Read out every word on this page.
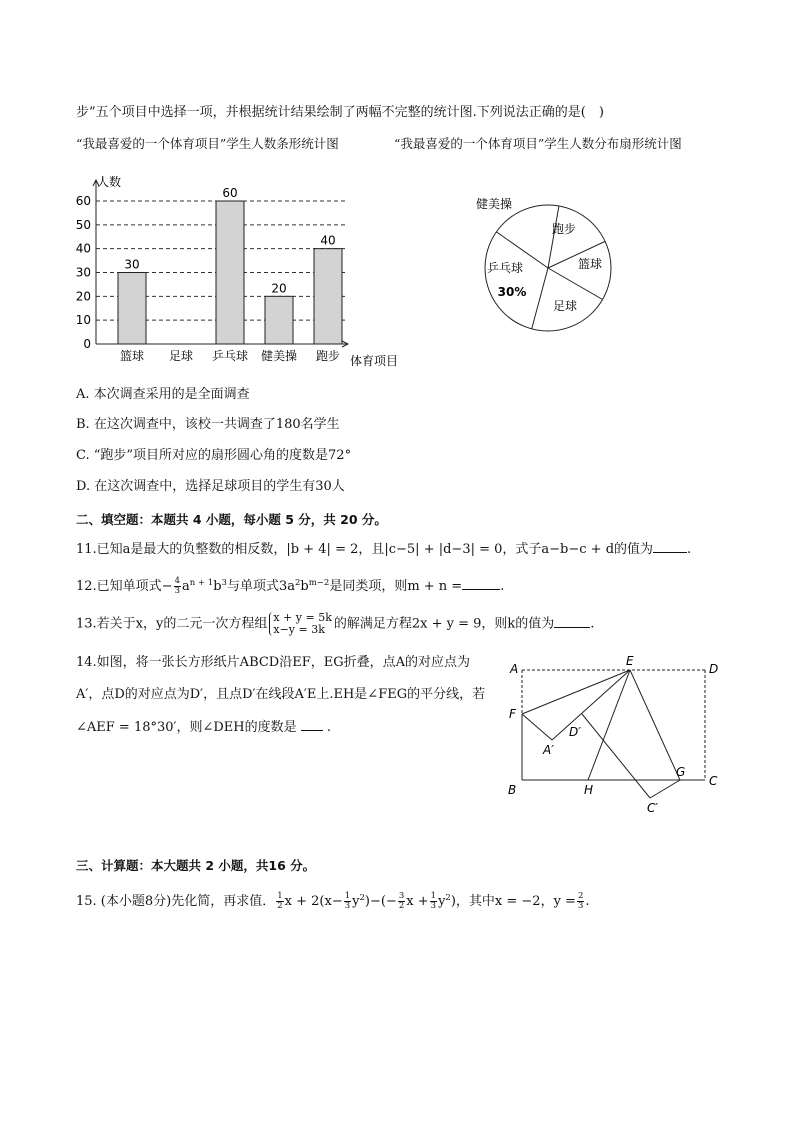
步”五个项目中选择一项，并根据统计结果绘制了两幅不完整的统计图.下列说法正确的是(　)
“我最喜爱的一个体育项目”学生人数条形统计图	“我最喜爱的一个体育项目”学生人数分布扇形统计图
0
10
20
30
40
50
60
30
60
20
40
篮球 足球 乒乓球 健美操 跑步
人数
体育项目
健美操
跑步
篮球
足球
乒乓球
30%
A. 本次调查采用的是全面调查
B. 在这次调查中，该校一共调查了180名学生
C. “跑步”项目所对应的扇形圆心角的度数是72°
D. 在这次调查中，选择足球项目的学生有30人
二、填空题：本题共 4 小题，每小题 5 分，共 20 分。
11.已知a是最大的负整数的相反数，|b + 4| = 2，且|c−5| + |d−3| = 0，式子a−b−c + d的值为	.
12.已知单项式− $\frac{4}{3} a^{n + 1}b^3$与单项式$3a^2b^{m-2}$是同类项，则m + n =	.
13.若关于x，y的二元一次方程组 x + y = 5k
x−y = 3k 的解满足方程2x + y = 9，则k的值为	.
14.如图，将一张长方形纸片ABCD沿EF，EG折叠，点A的对应点为
A′，点D的对应点为D′，且点D′在线段A′E上.EH是∠FEG的平分线，若
∠AEF = 18°30′，则∠DEH的度数是 .
A
E
D
F
D′
A′
G
B	H
C
C′
三、计算题：本大题共 2 小题，共16 分。
15. (本小题8分)先化简，再求值． $\frac{1}{2}$ $x + 2(x- \frac{1}{3} y^2)-(- \frac{3}{2}$ $x + \frac{1}{3} y^2$)，其中x = −2，$y = \frac{2}{3}$ .
